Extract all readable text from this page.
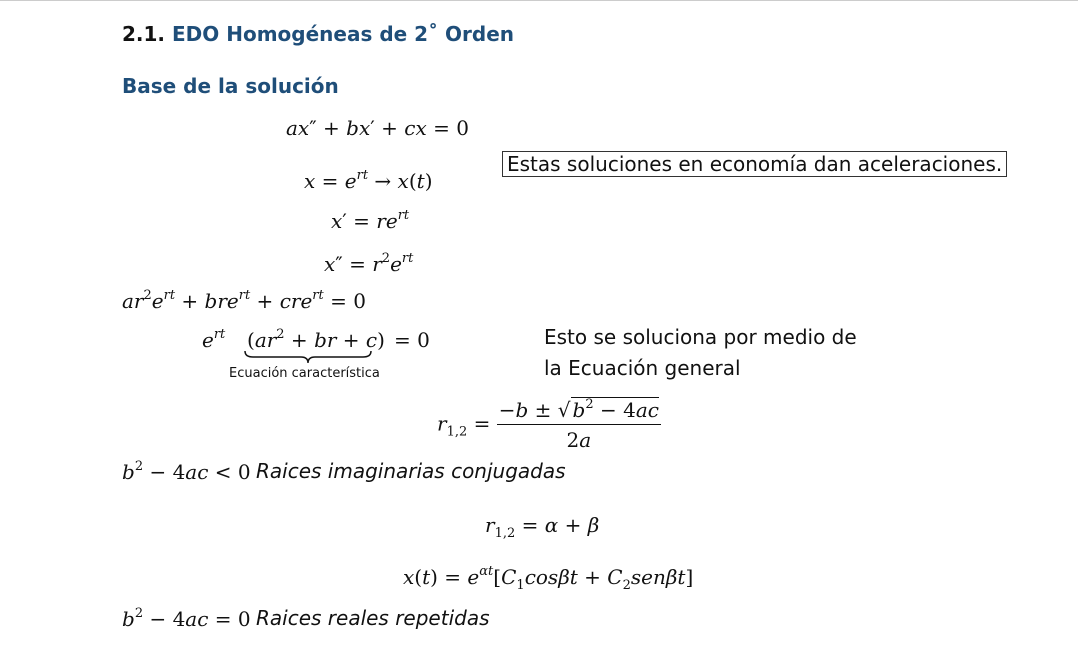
2.1. EDO Homogéneas de 2˚ Orden
Base de la solución
ax″ + bx′ + cx = 0
$x = e^{rt} \to x(t)$
Estas soluciones en economía dan aceleraciones.
$x' = re^{rt}$
$x'' = r^2e^{rt}$
$ar^2e^{rt} + bre^{rt} + cre^{rt} = 0$
$e^{rt}$ ($ar^2$ + br + c) = 0
Ecuación característica
Esto se soluciona por medio de
la Ecuación general
$r_{1,2} = \frac{-b \pm √ b^2 - 4ac}{2a}$
$b^2 - 4ac < 0$ Raices imaginarias conjugadas
$r_{1,2} = \alpha + \beta$
$x(t) = e^{\alpha t}[C_1\cos\beta t + C_2sen\beta t]$
$b^2 - 4ac = 0$ Raices reales repetidas
